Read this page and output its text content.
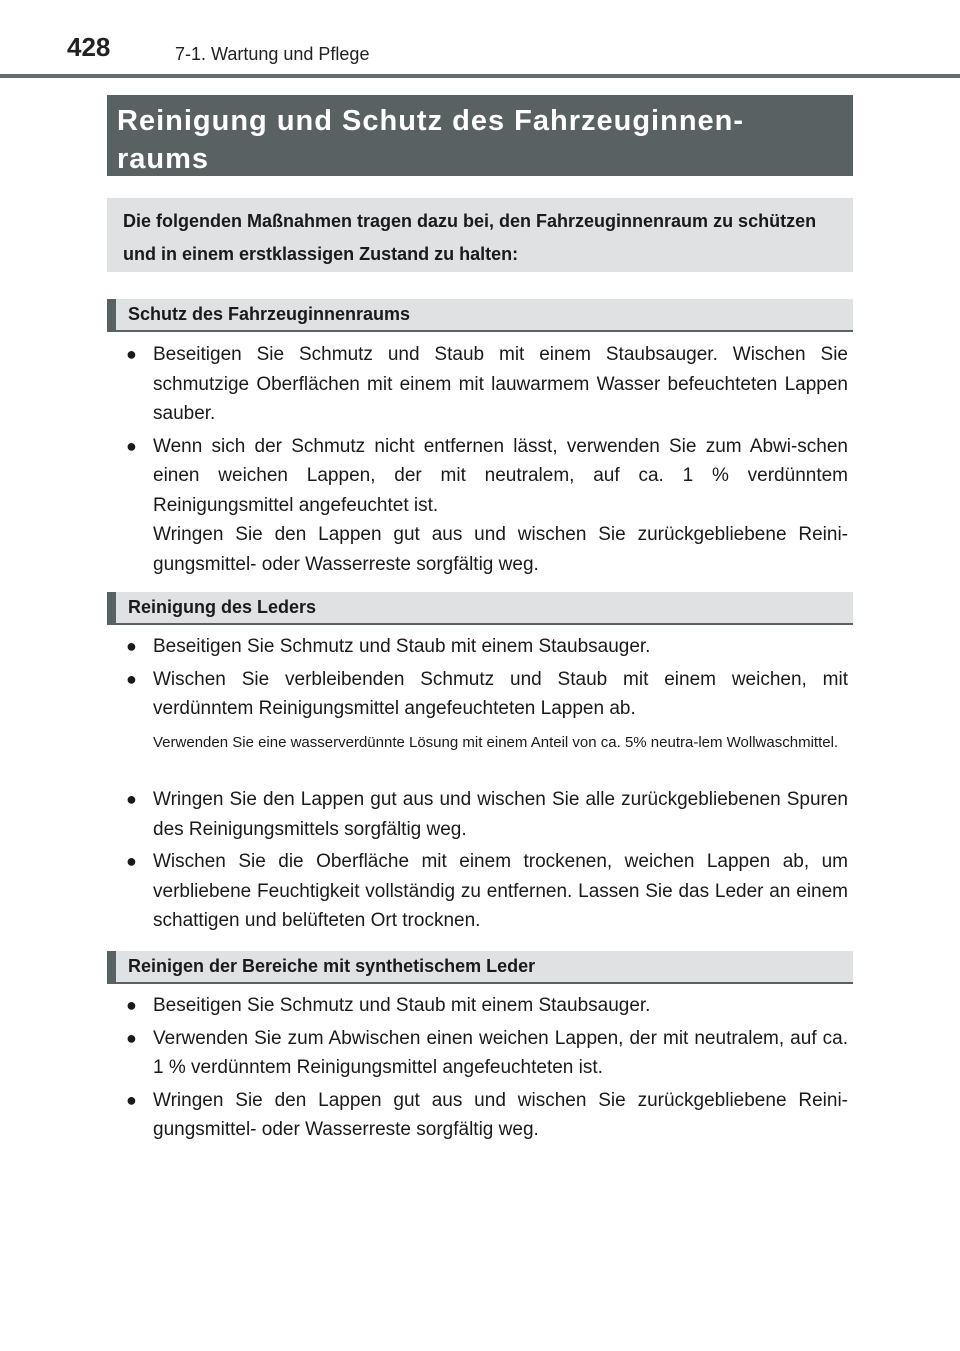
428	7-1. Wartung und Pflege
Reinigung und Schutz des Fahrzeuginnen-
raums
Die folgenden Maßnahmen tragen dazu bei, den Fahrzeuginnenraum zu schützen und in einem erstklassigen Zustand zu halten:
Schutz des Fahrzeuginnenraums
● Beseitigen Sie Schmutz und Staub mit einem Staubsauger. Wischen Sie schmutzige Oberflächen mit einem mit lauwarmem Wasser befeuchteten Lappen sauber.
● Wenn sich der Schmutz nicht entfernen lässt, verwenden Sie zum Abwi-schen einen weichen Lappen, der mit neutralem, auf ca. 1 % verdünntem Reinigungsmittel angefeuchtet ist.
Wringen Sie den Lappen gut aus und wischen Sie zurückgebliebene Reini-gungsmittel- oder Wasserreste sorgfältig weg.
Reinigung des Leders
● Beseitigen Sie Schmutz und Staub mit einem Staubsauger.
● Wischen Sie verbleibenden Schmutz und Staub mit einem weichen, mit verdünntem Reinigungsmittel angefeuchteten Lappen ab.
Verwenden Sie eine wasserverdünnte Lösung mit einem Anteil von ca. 5% neutra-lem Wollwaschmittel.
● Wringen Sie den Lappen gut aus und wischen Sie alle zurückgebliebenen Spuren des Reinigungsmittels sorgfältig weg.
● Wischen Sie die Oberfläche mit einem trockenen, weichen Lappen ab, um verbliebene Feuchtigkeit vollständig zu entfernen. Lassen Sie das Leder an einem schattigen und belüfteten Ort trocknen.
Reinigen der Bereiche mit synthetischem Leder
● Beseitigen Sie Schmutz und Staub mit einem Staubsauger.
● Verwenden Sie zum Abwischen einen weichen Lappen, der mit neutralem, auf ca. 1 % verdünntem Reinigungsmittel angefeuchteten ist.
● Wringen Sie den Lappen gut aus und wischen Sie zurückgebliebene Reini-gungsmittel- oder Wasserreste sorgfältig weg.
